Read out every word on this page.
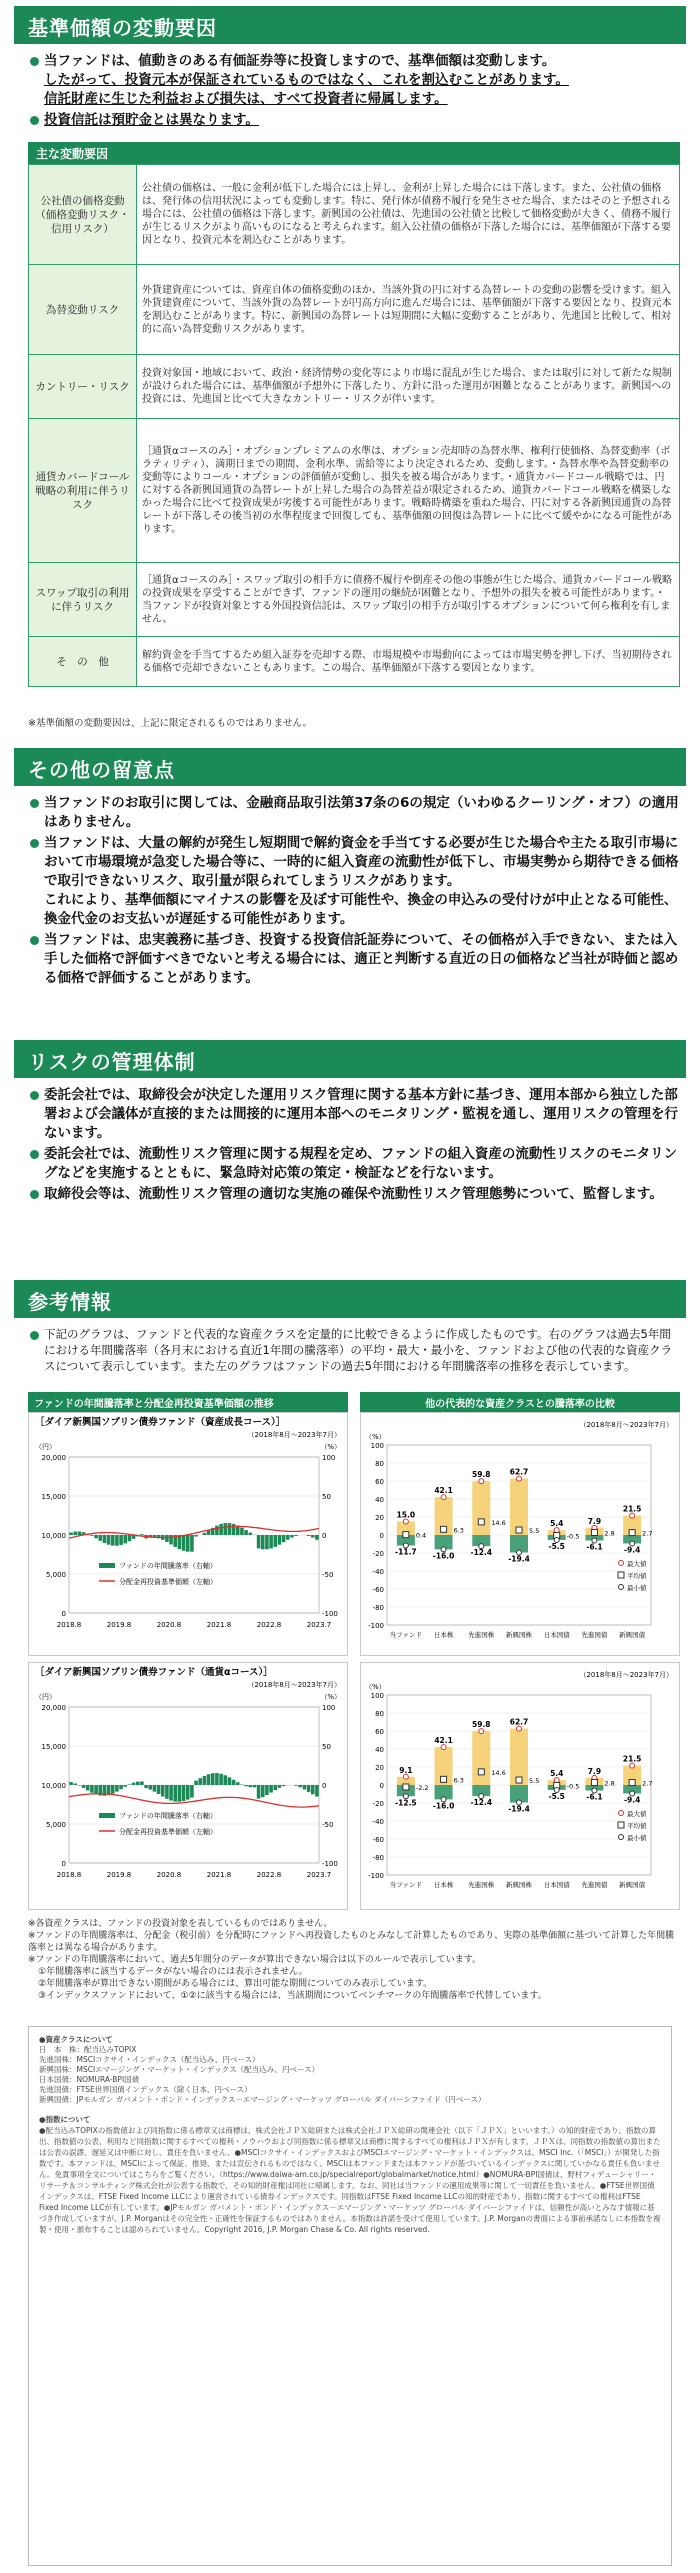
基準価額の変動要因
当ファンドは、値動きのある有価証券等に投資しますので、基準価額は変動します。
したがって、投資元本が保証されているものではなく、これを割込むことがあります。
信託財産に生じた利益および損失は、すべて投資者に帰属します。
投資信託は預貯金とは異なります。
主な変動要因
公社債の価格変動（価格変動リスク・信用リスク）	公社債の価格は、一般に金利が低下した場合には上昇し、金利が上昇した場合には下落します。また、公社債の価格は、発行体の信用状況によっても変動します。特に、発行体が債務不履行を発生させた場合、またはそのと予想される場合には、公社債の価格は下落します。新興国の公社債は、先進国の公社債と比較して価格変動が大きく、債務不履行が生じるリスクがより高いものになると考えられます。組入公社債の価格が下落した場合には、基準価額が下落する要因となり、投資元本を割込むことがあります。
為替変動リスク	外貨建資産については、資産自体の価格変動のほか、当該外貨の円に対する為替レートの変動の影響を受けます。組入外貨建資産について、当該外貨の為替レートが円高方向に進んだ場合には、基準価額が下落する要因となり、投資元本を割込むことがあります。特に、新興国の為替レートは短期間に大幅に変動することがあり、先進国と比較して、相対的に高い為替変動リスクがあります。
カントリー・リスク	投資対象国・地域において、政治・経済情勢の変化等により市場に混乱が生じた場合、または取引に対して新たな規制が設けられた場合には、基準価額が予想外に下落したり、方針に沿った運用が困難となることがあります。新興国への投資には、先進国と比べて大きなカントリー・リスクが伴います。
通貨カバードコール戦略の利用に伴うリスク	［通貨αコースのみ］・オプションプレミアムの水準は、オプション売却時の為替水準、権利行使価格、為替変動率（ボラティリティ）、満期日までの期間、金利水準、需給等により決定されるため、変動します。・為替水準や為替変動率の変動等によりコール・オプションの評価値が変動し、損失を被る場合があります。・通貨カバードコール戦略では、円に対する各新興国通貨の為替レートが上昇した場合の為替差益が限定されるため、通貨カバードコール戦略を構築しなかった場合に比べて投資成果が劣後する可能性があります。戦略時構築を重ねた場合、円に対する各新興国通貨の為替レートが下落しその後当初の水準程度まで回復しても、基準価額の回復は為替レートに比べて緩やかになる可能性があります。
スワップ取引の利用に伴うリスク	［通貨αコースのみ］・スワップ取引の相手方に債務不履行や倒産その他の事態が生じた場合、通貨カバードコール戦略の投資成果を享受することができず、ファンドの運用の継続が困難となり、予想外の損失を被る可能性があります。・当ファンドが投資対象とする外国投資信託は、スワップ取引の相手方が取引するオプションについて何ら権利を有しません。
そ　の　他	解約資金を手当てするため組入証券を売却する際、市場規模や市場動向によっては市場実勢を押し下げ、当初期待される価格で売却できないこともあります。この場合、基準価額が下落する要因となります。
※基準価額の変動要因は、上記に限定されるものではありません。
その他の留意点
当ファンドのお取引に関しては、金融商品取引法第37条の6の規定（いわゆるクーリング・オフ）の適用はありません。
当ファンドは、大量の解約が発生し短期間で解約資金を手当てする必要が生じた場合や主たる取引市場において市場環境が急変した場合等に、一時的に組入資産の流動性が低下し、市場実勢から期待できる価格で取引できないリスク、取引量が限られてしまうリスクがあります。
これにより、基準価額にマイナスの影響を及ぼす可能性や、換金の申込みの受付けが中止となる可能性、換金代金のお支払いが遅延する可能性があります。
当ファンドは、忠実義務に基づき、投資する投資信託証券について、その価格が入手できない、または入手した価格で評価すべきでないと考える場合には、適正と判断する直近の日の価格など当社が時価と認める価格で評価することがあります。
リスクの管理体制
委託会社では、取締役会が決定した運用リスク管理に関する基本方針に基づき、運用本部から独立した部署および会議体が直接的または間接的に運用本部へのモニタリング・監視を通し、運用リスクの管理を行ないます。
委託会社では、流動性リスク管理に関する規程を定め、ファンドの組入資産の流動性リスクのモニタリングなどを実施するとともに、緊急時対応策の策定・検証などを行ないます。
取締役会等は、流動性リスク管理の適切な実施の確保や流動性リスク管理態勢について、監督します。
参考情報
下記のグラフは、ファンドと代表的な資産クラスを定量的に比較できるように作成したものです。右のグラフは過去5年間における年間騰落率（各月末における直近1年間の騰落率）の平均・最大・最小を、ファンドおよび他の代表的な資産クラスについて表示しています。また左のグラフはファンドの過去5年間における年間騰落率の推移を表示しています。
ファンドの年間騰落率と分配金再投資基準価額の推移	他の代表的な資産クラスとの騰落率の比較
［ダイア新興国ソブリン債券ファンド（資産成長コース）］
（2018年8月〜2023年7月）
（円）	（%）
20,000	100
15,000	50
10,000	0
5,000	-50
0	-100
ファンドの年間騰落率（右軸）
分配金再投資基準価額（左軸）
2018.8	2019.8	2020.8	2021.8	2022.8	2023.7
（2018年8月〜2023年7月）
（%）
100
80
60
40
20
0
-20
-40
-60
-80
-100
15.0
0.4
-11.7
当ファンド
42.1
6.3
-16.0
日本株
59.8
14.6
-12.4
先進国株
62.7
5.5
-19.4
新興国株
5.4
-0.5
-5.5
日本国債
7.9
2.8
-6.1
先進国債
21.5
2.7
-9.4
新興国債
最大値
平均値
最小値
［ダイア新興国ソブリン債券ファンド（通貨αコース）］
（2018年8月〜2023年7月）
（円）	（%）
20,000	100
15,000	50
10,000	0
5,000	-50
0	-100
ファンドの年間騰落率（右軸）
分配金再投資基準価額（左軸）
2018.8	2019.8	2020.8	2021.8	2022.8	2023.7
（2018年8月〜2023年7月）
（%）
100
80
60
40
20
0
-20
-40
-60
-80
-100
9.1
-2.2
-12.5
当ファンド
42.1
6.3
-16.0
日本株
59.8
14.6
-12.4
先進国株
62.7
5.5
-19.4
新興国株
5.4
-0.5
-5.5
日本国債
7.9
2.8
-6.1
先進国債
21.5
2.7
-9.4
新興国債
最大値
平均値
最小値
※各資産クラスは、ファンドの投資対象を表しているものではありません。
※ファンドの年間騰落率は、分配金（税引前）を分配時にファンドへ再投資したものとみなして計算したものであり、実際の基準価額に基づいて計算した年間騰落率とは異なる場合があります。
※ファンドの年間騰落率において、過去5年間分のデータが算出できない場合は以下のルールで表示しています。
①年間騰落率に該当するデータがない場合のには表示されません。
②年間騰落率が算出できない期間がある場合には、算出可能な期間についてのみ表示しています。
③インデックスファンドにおいて、①②に該当する場合には、当該期間についてベンチマークの年間騰落率で代替しています。
●資産クラスについて
日　本　株：配当込みTOPIX
先進国株：MSCIコクサイ・インデックス（配当込み、円ベース）
新興国株：MSCIエマージング・マーケット・インデックス（配当込み、円ベース）
日本国債：NOMURA-BPI国債
先進国債：FTSE世界国債インデックス（除く日本、円ベース）
新興国債：JPモルガン ガバメント・ボンド・インデックス－エマージング・マーケッツ グローバル ダイバーシファイド（円ベース）
●指数について
●配当込みTOPIXの指数値および同指数に係る標章又は商標は、株式会社ＪＰＸ総研または株式会社ＪＰＸ総研の関連会社（以下「ＪＰＸ」といいます。）の知的財産であり、指数の算出、指数値の公表、利用など同指数に関するすべての権利・ノウハウおよび同指数に係る標章又は商標に関するすべての権利はＪＰＸが有します。ＪＰＸは、同指数の指数値の算出または公表の誤謬、遅延又は中断に対し、責任を負いません。●MSCIコクサイ・インデックスおよびMSCIエマージング・マーケット・インデックスは、MSCI Inc.（「MSCI」）が開発した指数です。本ファンドは、MSCIによって保証、推奨、または宣伝されるものではなく、MSCIは本ファンドまたは本ファンドが基づいているインデックスに関していかなる責任も負いません。免責事項全文についてはこちらをご覧ください。（https://www.daiwa-am.co.jp/specialreport/globalmarket/notice.html）●NOMURA-BPI国債は、野村フィデューシャリー・リサーチ＆コンサルティング株式会社が公表する指数で、その知的財産権は同社に帰属します。なお、同社は当ファンドの運用成果等に関して一切責任を負いません。●FTSE世界国債インデックスは、FTSE Fixed Income LLCにより運営されている債券インデックスです。同指数はFTSE Fixed Income LLCの知的財産であり、指数に関するすべての権利はFTSE Fixed Income LLCが有しています。●JPモルガン ガバメント・ボンド・インデックス－エマージング・マーケッツ グローバル ダイバーシファイドは、信頼性が高いとみなす情報に基づき作成していますが、J.P. Morganはその完全性・正確性を保証するものではありません。本指数は許諾を受けて使用しています。J.P. Morganの書面による事前承諾なしに本指数を複製・使用・頒布することは認められていません。Copyright 2016, J.P. Morgan Chase & Co. All rights reserved.
